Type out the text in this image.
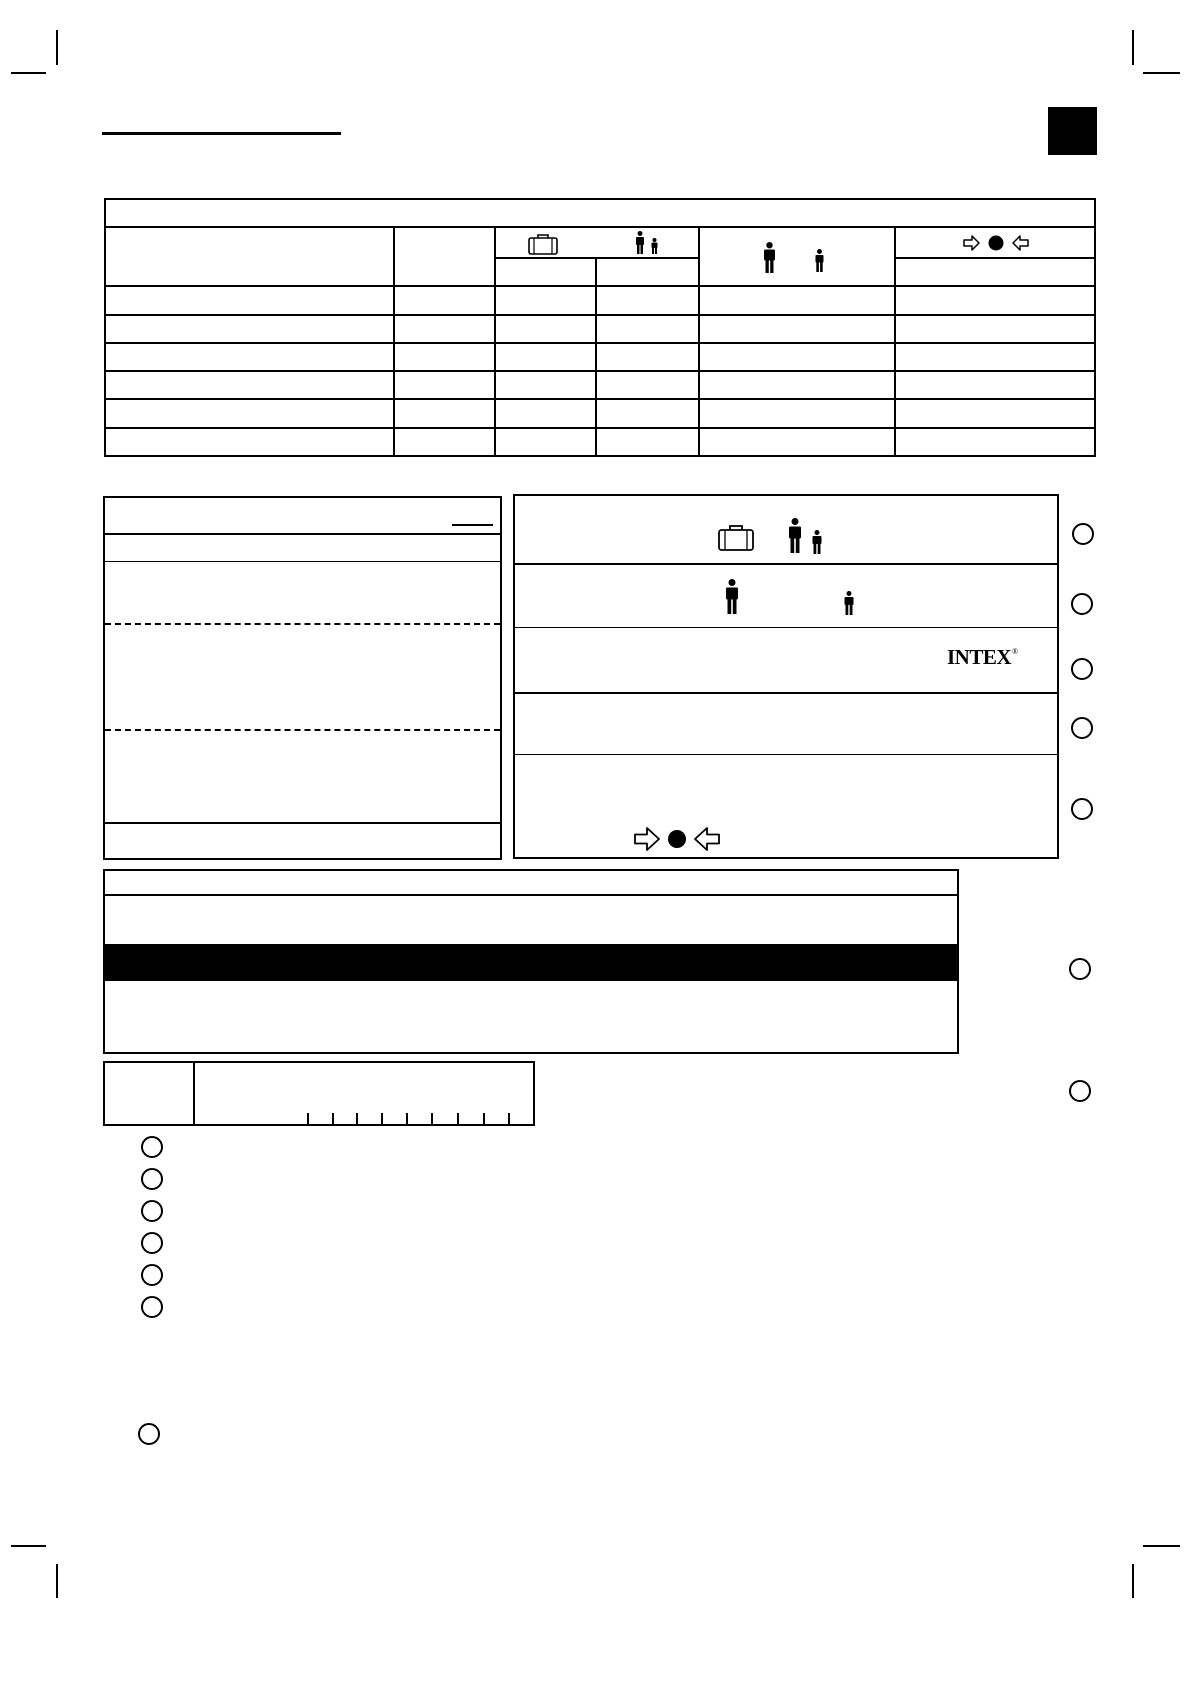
INTEX®
